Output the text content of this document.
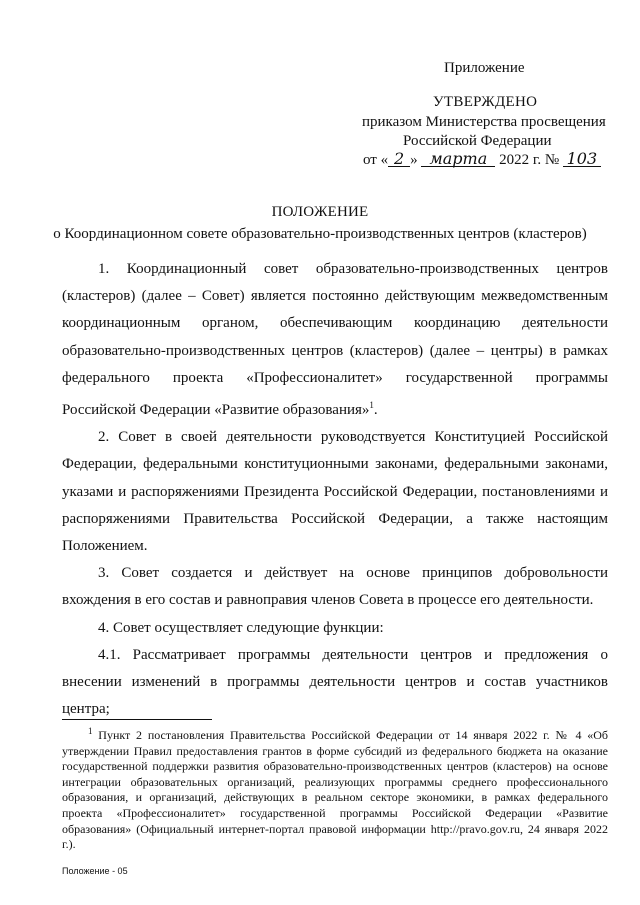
Приложение
УТВЕРЖДЕНО
приказом Министерства просвещения
Российской Федерации
от « 2 » марта 2022 г. № 103
ПОЛОЖЕНИЕ
о Координационном совете образовательно-производственных центров (кластеров)

1. Координационный совет образовательно-производственных центров (кластеров) (далее – Совет) является постоянно действующим межведомственным координационным органом, обеспечивающим координацию деятельности образовательно-производственных центров (кластеров) (далее – центры) в рамках федерального проекта «Профессионалитет» государственной программы Российской Федерации «Развитие образования»$^1$.

2. Совет в своей деятельности руководствуется Конституцией Российской Федерации, федеральными конституционными законами, федеральными законами, указами и распоряжениями Президента Российской Федерации, постановлениями и распоряжениями Правительства Российской Федерации, а также настоящим Положением.

3. Совет создается и действует на основе принципов добровольности вхождения в его состав и равноправия членов Совета в процессе его деятельности.

4. Совет осуществляет следующие функции:

4.1. Рассматривает программы деятельности центров и предложения о внесении изменений в программы деятельности центров и состав участников центра;

$^1$ Пункт 2 постановления Правительства Российской Федерации от 14 января 2022 г. № 4 «Об утверждении Правил предоставления грантов в форме субсидий из федерального бюджета на оказание государственной поддержки развития образовательно-производственных центров (кластеров) на основе интеграции образовательных организаций, реализующих программы среднего профессионального образования, и организаций, действующих в реальном секторе экономики, в рамках федерального проекта «Профессионалитет» государственной программы Российской Федерации «Развитие образования» (Официальный интернет-портал правовой информации http://pravo.gov.ru, 24 января 2022 г.).

Положение - 05
